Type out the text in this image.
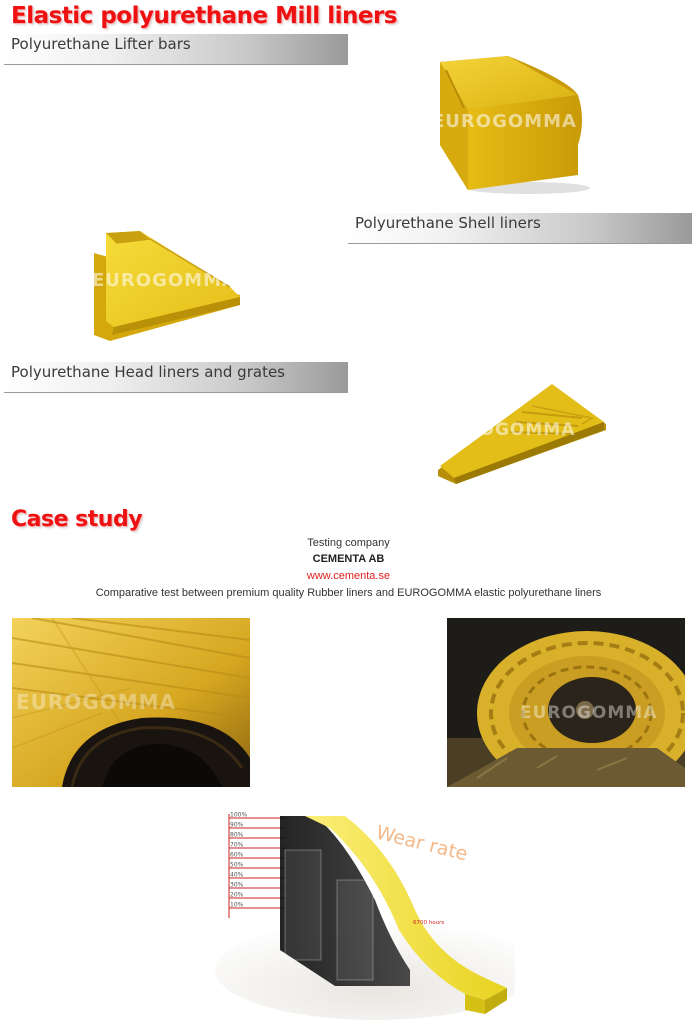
Elastic polyurethane Mill liners
Polyurethane Lifter bars
EUROGOMMA
Polyurethane Shell liners
EUROGOMMA
Polyurethane Head liners and grates
EUROGOMMA
Case study
Testing company
CEMENTA AB
www.cementa.se
Comparative test between premium quality Rubber liners and EUROGOMMA elastic polyurethane liners
EUROGOMMA	EUROGOMMA
100%
90%
80%
70%
60%
50%
40%
30%
20%
10%
6700 hours
Wear rate
